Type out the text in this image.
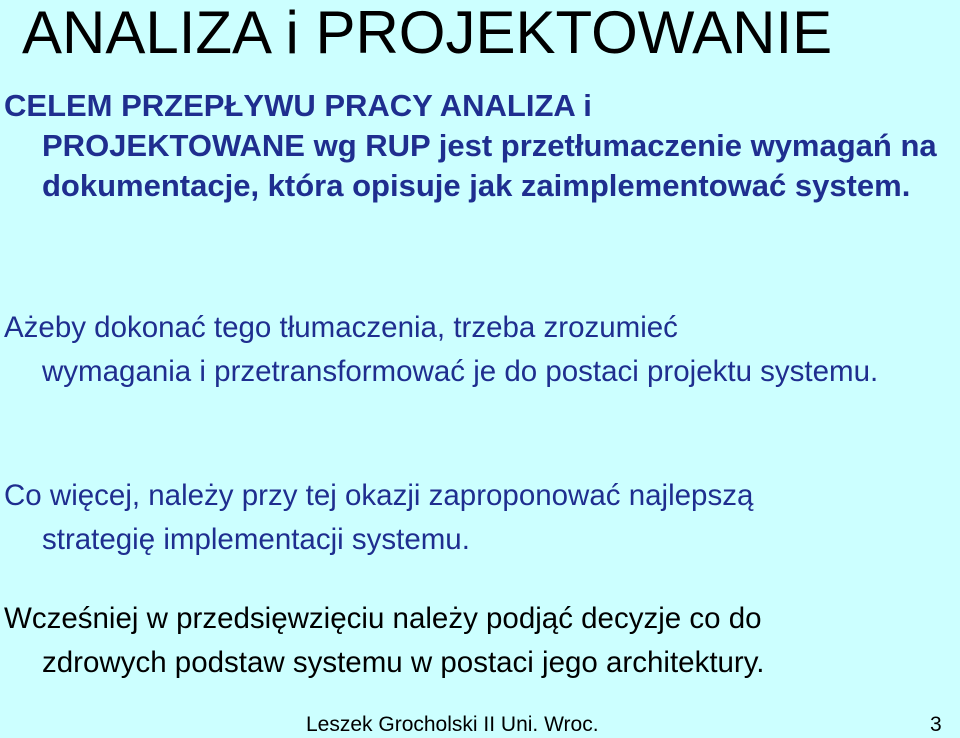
ANALIZA i PROJEKTOWANIE
CELEM PRZEPŁYWU PRACY ANALIZA i
PROJEKTOWANE wg RUP jest przetłumaczenie wymagań na dokumentacje, która opisuje jak zaimplementować system.
Ażeby dokonać tego tłumaczenia, trzeba zrozumieć
wymagania i przetransformować je do postaci projektu systemu.
Co więcej, należy przy tej okazji zaproponować najlepszą
strategię implementacji systemu.
Wcześniej w przedsięwzięciu należy podjąć decyzje co do
zdrowych podstaw systemu w postaci jego architektury.
Leszek Grocholski II Uni. Wroc.	3
